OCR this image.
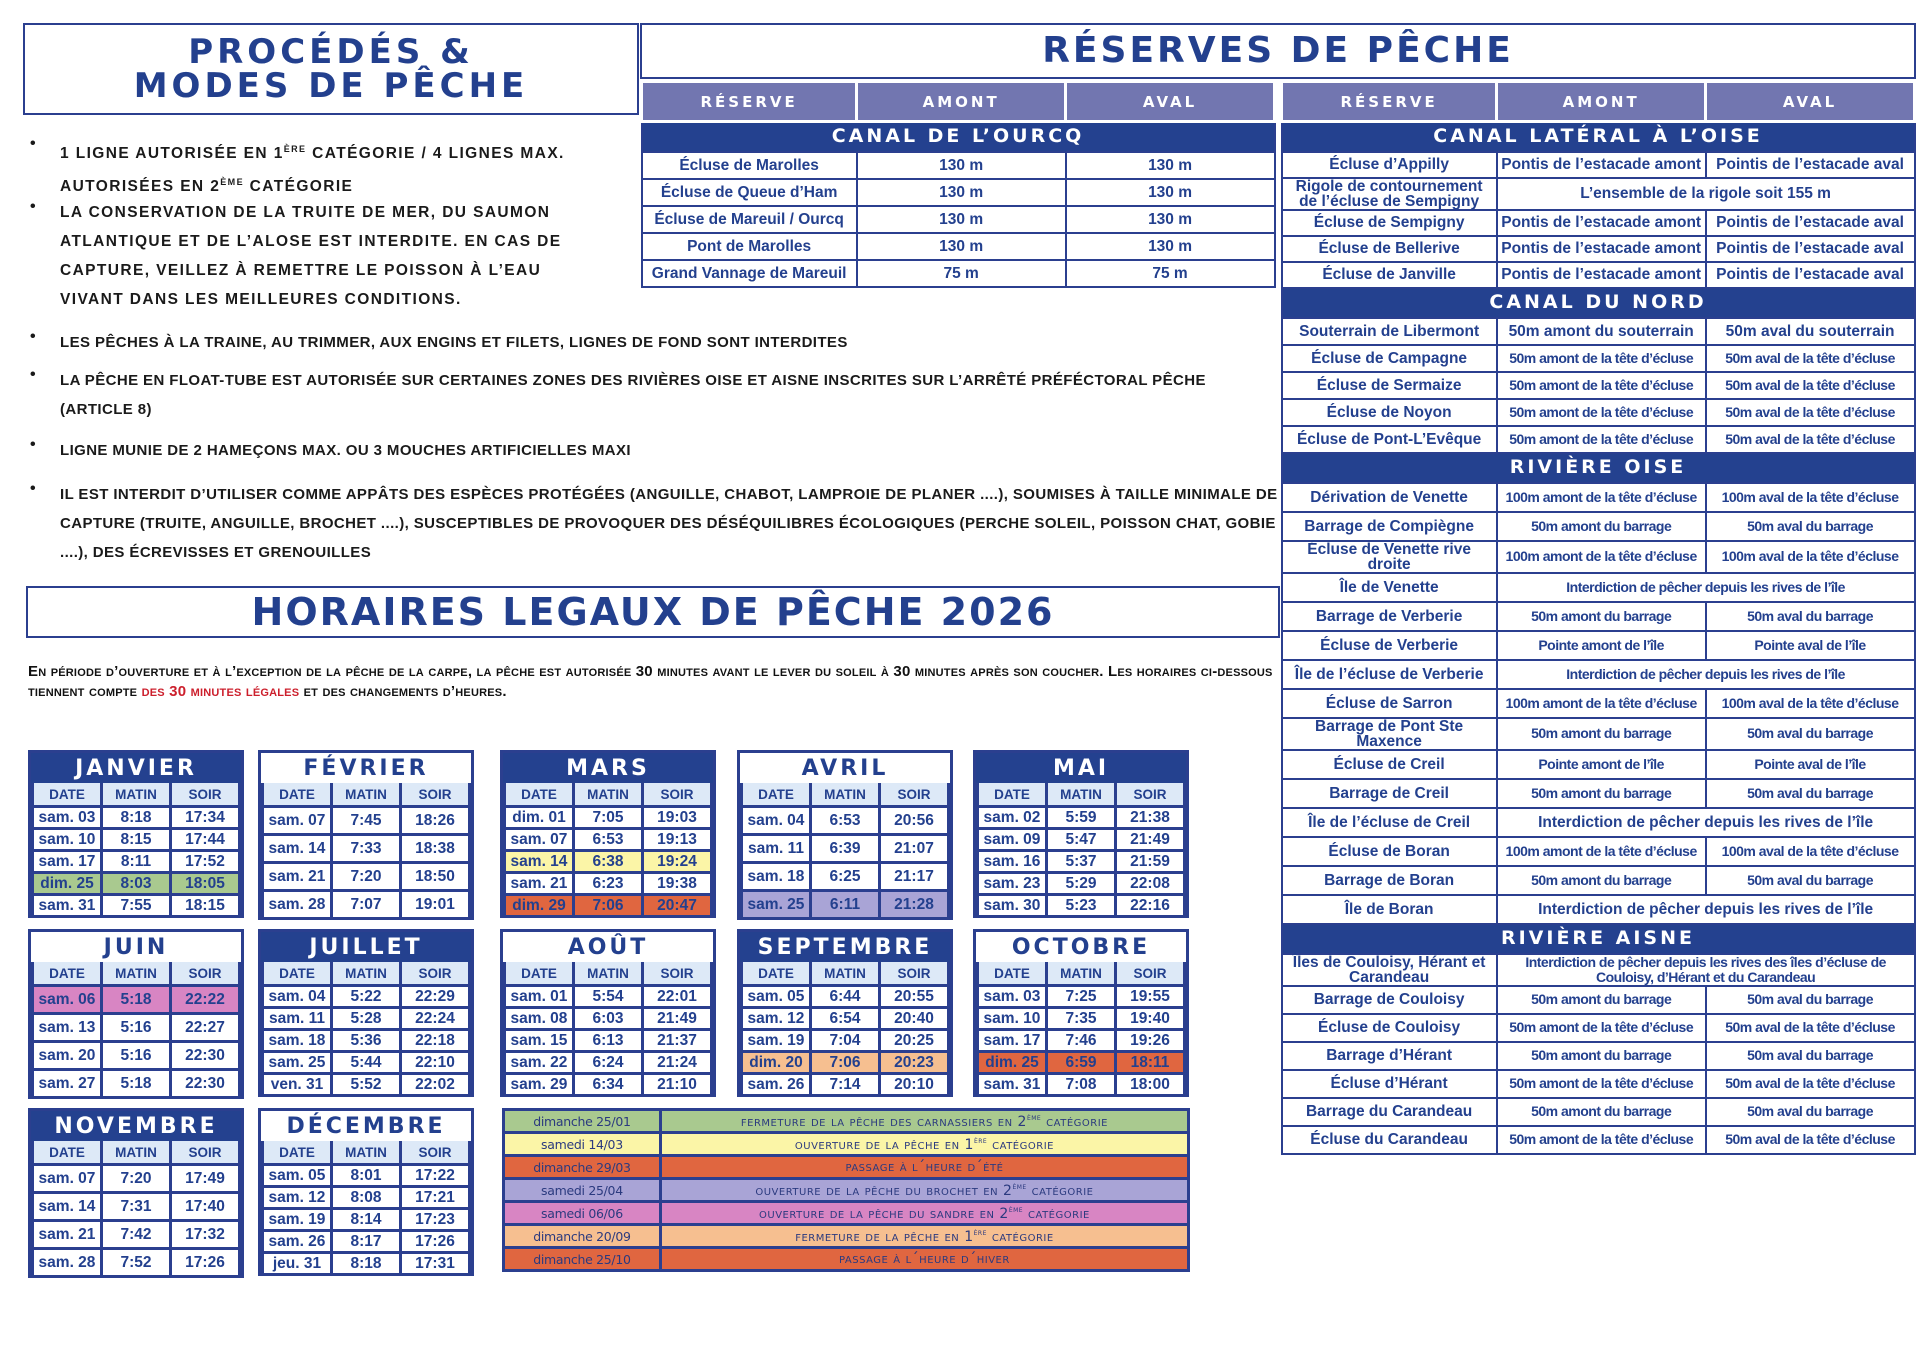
PROCÉDÉS &
MODES DE PÊCHE
•
1 LIGNE AUTORISÉE EN 1ÈRE CATÉGORIE / 4 LIGNES MAX. AUTORISÉES EN 2ÈME CATÉGORIE
•	LA CONSERVATION DE LA TRUITE DE MER, DU SAUMON ATLANTIQUE ET DE L’ALOSE EST INTERDITE. EN CAS DE CAPTURE, VEILLEZ À REMETTRE LE POISSON À L’EAU VIVANT DANS LES MEILLEURES CONDITIONS.
•	LES PÊCHES À LA TRAINE, AU TRIMMER, AUX ENGINS ET FILETS, LIGNES DE FOND SONT INTERDITES
•	LA PÊCHE EN FLOAT-TUBE EST AUTORISÉE SUR CERTAINES ZONES DES RIVIÈRES OISE ET AISNE INSCRITES SUR L’ARRÊTÉ PRÉFÉCTORAL PÊCHE (ARTICLE 8)
•	LIGNE MUNIE DE 2 HAMEÇONS MAX. OU 3 MOUCHES ARTIFICIELLES MAXI
•	IL EST INTERDIT D’UTILISER COMME APPÂTS DES ESPÈCES PROTÉGÉES (ANGUILLE, CHABOT, LAMPROIE DE PLANER ....), SOUMISES À TAILLE MINIMALE DE CAPTURE (TRUITE, ANGUILLE, BROCHET ....), SUSCEPTIBLES DE PROVOQUER DES DÉSÉQUILIBRES ÉCOLOGIQUES (PERCHE SOLEIL, POISSON CHAT, GOBIE ....), DES ÉCREVISSES ET GRENOUILLES
RÉSERVES DE PÊCHE
RÉSERVE	AMONT	AVAL
CANAL DE L’OURCQ		
Écluse de Marolles	130 m	130 m
Écluse de Queue d’Ham	130 m	130 m
Écluse de Mareuil / Ourcq	130 m	130 m
Pont de Marolles	130 m	130 m
Grand Vannage de Mareuil	75 m	75 m
RÉSERVE	AMONT	AVAL
CANAL LATÉRAL À L’OISE		
Écluse d’Appilly	Pontis de l’estacade amont	Pointis de l’estacade aval
Rigole de contournement de l’écluse de Sempigny	L’ensemble de la rigole soit 155 m	
Écluse de Sempigny	Pontis de l’estacade amont	Pointis de l’estacade aval
Écluse de Bellerive	Pontis de l’estacade amont	Pointis de l’estacade aval
Écluse de Janville	Pontis de l’estacade amont	Pointis de l’estacade aval
CANAL DU NORD		
Souterrain de Libermont	50m amont du souterrain	50m aval du souterrain
Écluse de Campagne	50m amont de la tête d’écluse	50m aval de la tête d’écluse
Écluse de Sermaize	50m amont de la tête d’écluse	50m aval de la tête d’écluse
Écluse de Noyon	50m amont de la tête d’écluse	50m aval de la tête d’écluse
Écluse de Pont-L’Evêque	50m amont de la tête d’écluse	50m aval de la tête d’écluse
RIVIÈRE OISE		
Dérivation de Venette	100m amont de la tête d’écluse	100m aval de la tête d’écluse
Barrage de Compiègne	50m amont du barrage	50m aval du barrage
Écluse de Venette rive droite	100m amont de la tête d’écluse	100m aval de la tête d’écluse
Île de Venette	Interdiction de pêcher depuis les rives de l’île	
Barrage de Verberie	50m amont du barrage	50m aval du barrage
Écluse de Verberie	Pointe amont de l’île	Pointe aval de l’île
Île de l’écluse de Verberie	Interdiction de pêcher depuis les rives de l’île	
Écluse de Sarron	100m amont de la tête d’écluse	100m aval de la tête d’écluse
Barrage de Pont Ste Maxence	50m amont du barrage	50m aval du barrage
Écluse de Creil	Pointe amont de l’île	Pointe aval de l’île
Barrage de Creil	50m amont du barrage	50m aval du barrage
Île de l’écluse de Creil	Interdiction de pêcher depuis les rives de l’île	
Écluse de Boran	100m amont de la tête d’écluse	100m aval de la tête d’écluse
Barrage de Boran	50m amont du barrage	50m aval du barrage
Île de Boran	Interdiction de pêcher depuis les rives de l’île	
RIVIÈRE AISNE		
Îles de Couloisy, Hérant et Carandeau	Interdiction de pêcher depuis les rives des îles d’écluse de Couloisy, d’Hérant et du Carandeau	
Barrage de Couloisy	50m amont du barrage	50m aval du barrage
Écluse de Couloisy	50m amont de la tête d’écluse	50m aval de la tête d’écluse
Barrage d’Hérant	50m amont du barrage	50m aval du barrage
Écluse d’Hérant	50m amont de la tête d’écluse	50m aval de la tête d’écluse
Barrage du Carandeau	50m amont du barrage	50m aval du barrage
Écluse du Carandeau	50m amont de la tête d’écluse	50m aval de la tête d’écluse
HORAIRES LEGAUX DE PÊCHE 2026
En période d’ouverture et à l’exception de la pêche de la carpe, la pêche est autorisée 30 minutes avant le lever du soleil à 30 minutes après son coucher. Les horaires ci-dessous tiennent compte des 30 minutes légales et des changements d’heures.
JANVIER
DATE	MATIN	SOIR
sam. 03	8:18	17:34
sam. 10	8:15	17:44
sam. 17	8:11	17:52
dim. 25	8:03	18:05
sam. 31	7:55	18:15
FÉVRIER
DATE	MATIN	SOIR
sam. 07	7:45	18:26
sam. 14	7:33	18:38
sam. 21	7:20	18:50
sam. 28	7:07	19:01
MARS
DATE	MATIN	SOIR
dim. 01	7:05	19:03
sam. 07	6:53	19:13
sam. 14	6:38	19:24
sam. 21	6:23	19:38
dim. 29	7:06	20:47
AVRIL
DATE	MATIN	SOIR
sam. 04	6:53	20:56
sam. 11	6:39	21:07
sam. 18	6:25	21:17
sam. 25	6:11	21:28
MAI
DATE	MATIN	SOIR
sam. 02	5:59	21:38
sam. 09	5:47	21:49
sam. 16	5:37	21:59
sam. 23	5:29	22:08
sam. 30	5:23	22:16
JUIN
DATE	MATIN	SOIR
sam. 06	5:18	22:22
sam. 13	5:16	22:27
sam. 20	5:16	22:30
sam. 27	5:18	22:30
JUILLET
DATE	MATIN	SOIR
sam. 04	5:22	22:29
sam. 11	5:28	22:24
sam. 18	5:36	22:18
sam. 25	5:44	22:10
ven. 31	5:52	22:02
AOÛT
DATE	MATIN	SOIR
sam. 01	5:54	22:01
sam. 08	6:03	21:49
sam. 15	6:13	21:37
sam. 22	6:24	21:24
sam. 29	6:34	21:10
SEPTEMBRE
DATE	MATIN	SOIR
sam. 05	6:44	20:55
sam. 12	6:54	20:40
sam. 19	7:04	20:25
dim. 20	7:06	20:23
sam. 26	7:14	20:10
OCTOBRE
DATE	MATIN	SOIR
sam. 03	7:25	19:55
sam. 10	7:35	19:40
sam. 17	7:46	19:26
dim. 25	6:59	18:11
sam. 31	7:08	18:00
NOVEMBRE
DATE	MATIN	SOIR
sam. 07	7:20	17:49
sam. 14	7:31	17:40
sam. 21	7:42	17:32
sam. 28	7:52	17:26
DÉCEMBRE
DATE	MATIN	SOIR
sam. 05	8:01	17:22
sam. 12	8:08	17:21
sam. 19	8:14	17:23
sam. 26	8:17	17:26
jeu. 31	8:18	17:31
dimanche 25/01	fermeture de la pêche des carnassiers en 2ème catégorie
samedi 14/03	ouverture de la pêche en 1ère catégorie
dimanche 29/03	passage à l´heure d´été
samedi 25/04	ouverture de la pêche du brochet en 2ème catégorie
samedi 06/06	ouverture de la pêche du sandre en 2ème catégorie
dimanche 20/09	fermeture de la pêche en 1ère catégorie
dimanche 25/10	passage à l´heure d´hiver
